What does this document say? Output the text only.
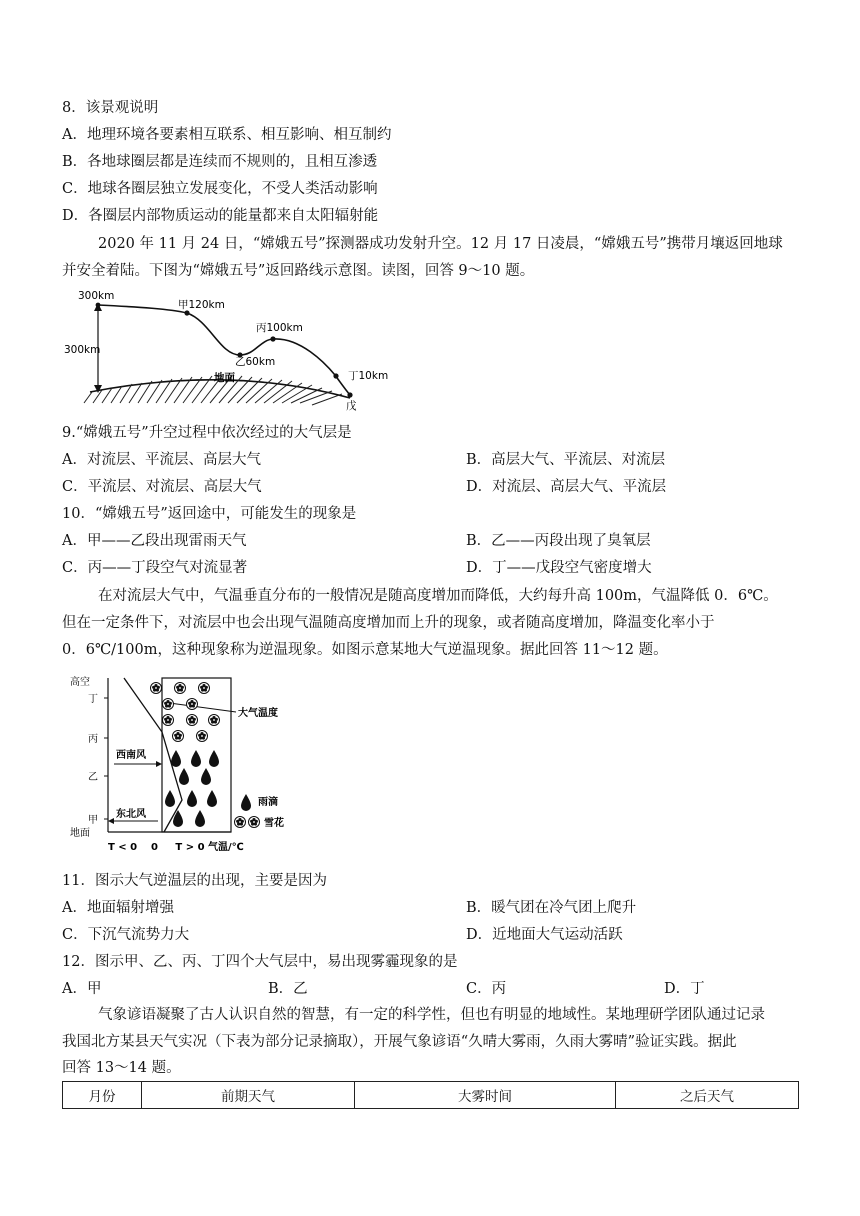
8．该景观说明
A．地理环境各要素相互联系、相互影响、相互制约
B．各地球圈层都是连续而不规则的，且相互渗透
C．地球各圈层独立发展变化，不受人类活动影响
D．各圈层内部物质运动的能量都来自太阳辐射能
2020 年 11 月 24 日，“嫦娥五号”探测器成功发射升空。12 月 17 日凌晨，“嫦娥五号”携带月壤返回地球
并安全着陆。下图为“嫦娥五号”返回路线示意图。读图，回答 9～10 题。
300km
300km
甲120km
乙60km
丙100km
丁10km
戊
地面
9.“嫦娥五号”升空过程中依次经过的大气层是
A．对流层、平流层、高层大气	B．高层大气、平流层、对流层
C．平流层、对流层、高层大气	D．对流层、高层大气、平流层
10．“嫦娥五号”返回途中，可能发生的现象是
A．甲——乙段出现雷雨天气	B．乙——丙段出现了臭氧层
C．丙——丁段空气对流显著	D．丁——戊段空气密度增大
在对流层大气中，气温垂直分布的一般情况是随高度增加而降低，大约每升高 100m，气温降低 0．6℃。
但在一定条件下，对流层中也会出现气温随高度增加而上升的现象，或者随高度增加，降温变化率小于
0．6℃/100m，这种现象称为逆温现象。如图示意某地大气逆温现象。据此回答 11～12 题。
高空
丁
丙
乙
甲
地面
大气温度
西南风
东北风
雨滴
雪花
T < 0    0     T > 0 气温/℃
11．图示大气逆温层的出现，主要是因为
A．地面辐射增强	B．暖气团在冷气团上爬升
C．下沉气流势力大	D．近地面大气运动活跃
12．图示甲、乙、丙、丁四个大气层中，易出现雾霾现象的是
A．甲	B．乙	C．丙	D．丁
气象谚语凝聚了古人认识自然的智慧，有一定的科学性，但也有明显的地域性。某地理研学团队通过记录
我国北方某县天气实况（下表为部分记录摘取），开展气象谚语“久晴大雾雨，久雨大雾晴”验证实践。据此
回答 13～14 题。
月份	前期天气	大雾时间	之后天气
